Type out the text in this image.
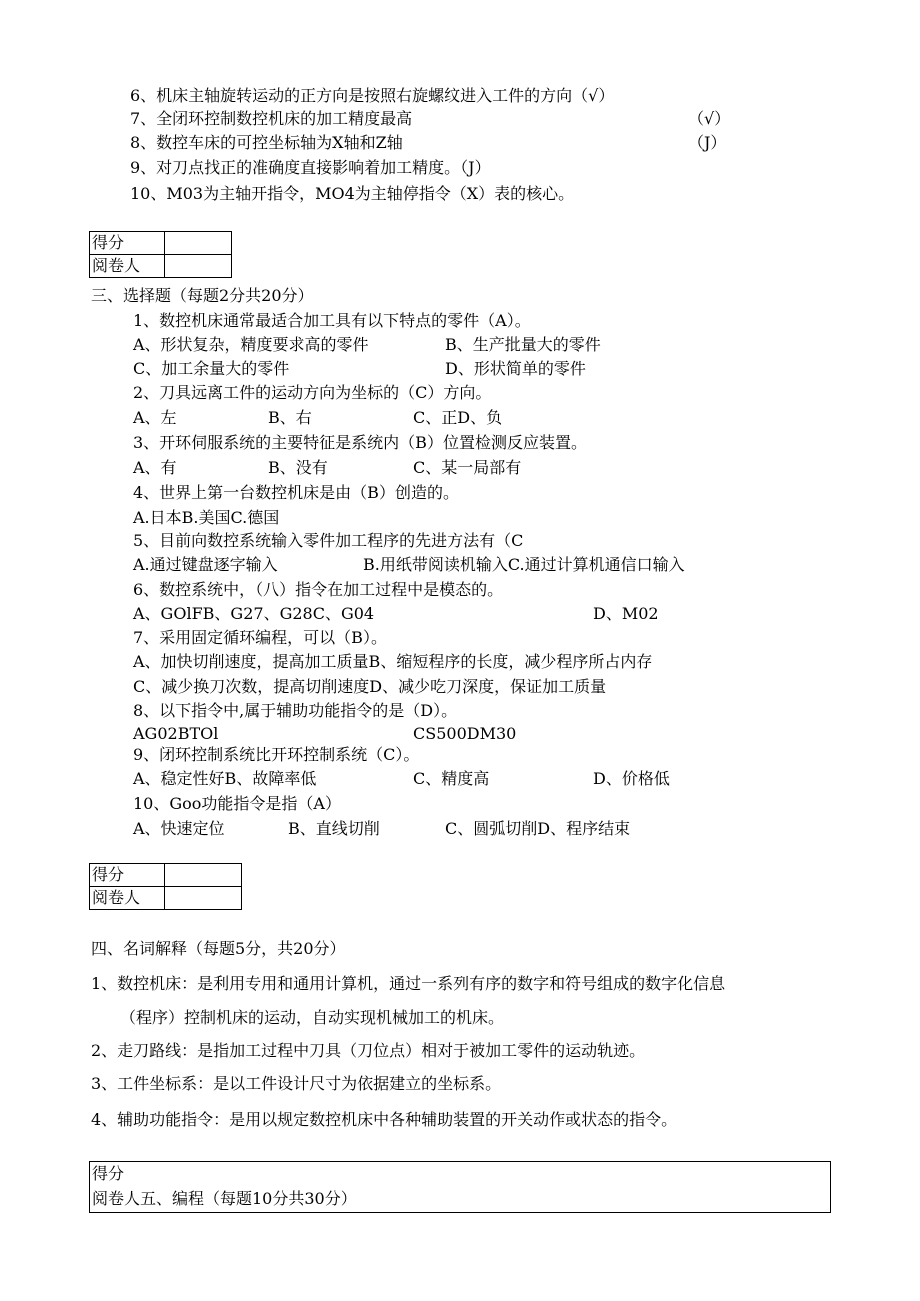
6、机床主轴旋转运动的正方向是按照右旋螺纹进入工件的方向（√）
7、全闭环控制数控机床的加工精度最高	（√）
8、数控车床的可控坐标轴为X轴和Z轴	（J）
9、对刀点找正的准确度直接影响着加工精度。（J）
10、M03为主轴开指令，MO4为主轴停指令（X）表的核心。
得分	
阅卷人	
三、选择题（每题2分共20分）
1、数控机床通常最适合加工具有以下特点的零件（A）。
A、形状复杂，精度要求高的零件	B、生产批量大的零件
C、加工余量大的零件	D、形状简单的零件
2、刀具远离工件的运动方向为坐标的（C）方向。
A、左	B、右	C、正D、负
3、开环伺服系统的主要特征是系统内（B）位置检测反应装置。
A、有	B、没有	C、某一局部有
4、世界上第一台数控机床是由（B）创造的。
A.日本B.美国C.德国
5、目前向数控系统输入零件加工程序的先进方法有（C
A.通过键盘逐字输入	B.用纸带阅读机输入C.通过计算机通信口输入
6、数控系统中，（八）指令在加工过程中是模态的。
A、GOlFB、G27、G28C、G04	D、M02
7、采用固定循环编程，可以（B）。
A、加快切削速度，提高加工质量B、缩短程序的长度，减少程序所占内存
C、减少换刀次数，提高切削速度D、减少吃刀深度，保证加工质量
8、以下指令中,属于辅助功能指令的是（D）。
AG02BTOl	CS500DM30
9、闭环控制系统比开环控制系统（C）。
A、稳定性好B、故障率低	C、精度高	D、价格低
10、Goo功能指令是指（A）
A、快速定位	B、直线切削	C、圆弧切削D、程序结束
得分	
阅卷人	
四、名词解释（每题5分，共20分）
1、数控机床：是利用专用和通用计算机，通过一系列有序的数字和符号组成的数字化信息
（程序）控制机床的运动，自动实现机械加工的机床。
2、走刀路线：是指加工过程中刀具（刀位点）相对于被加工零件的运动轨迹。
3、工件坐标系：是以工件设计尺寸为依据建立的坐标系。
4、辅助功能指令：是用以规定数控机床中各种辅助装置的开关动作或状态的指令。
得分
阅卷人五、编程（每题10分共30分）
